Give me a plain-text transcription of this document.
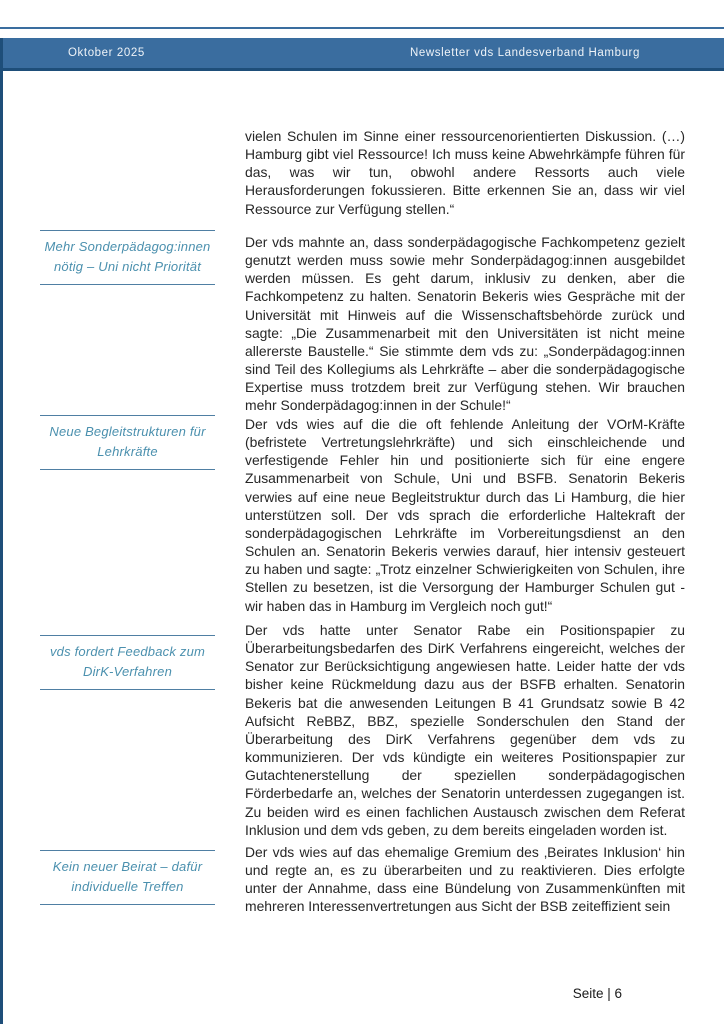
Oktober 2025	Newsletter vds Landesverband Hamburg
Mehr Sonderpädagog:innen
nötig – Uni nicht Priorität
Neue Begleitstrukturen für
Lehrkräfte
vds fordert Feedback zum
DirK-Verfahren
Kein neuer Beirat – dafür
individuelle Treffen

vielen Schulen im Sinne einer ressourcenorientierten Diskussion. (…) Hamburg gibt viel Ressource! Ich muss keine Abwehrkämpfe führen für das, was wir tun, obwohl andere Ressorts auch viele Herausforderungen fokussieren. Bitte erkennen Sie an, dass wir viel Ressource zur Verfügung stellen.“

Der vds mahnte an, dass sonderpädagogische Fachkompetenz gezielt genutzt werden muss sowie mehr Sonderpädagog:innen ausgebildet werden müssen. Es geht darum, inklusiv zu denken, aber die Fachkompetenz zu halten. Senatorin Bekeris wies Gespräche mit der Universität mit Hinweis auf die Wissenschaftsbehörde zurück und sagte: „Die Zusammenarbeit mit den Universitäten ist nicht meine allererste Baustelle.“ Sie stimmte dem vds zu: „Sonderpädagog:innen sind Teil des Kollegiums als Lehrkräfte – aber die sonderpädagogische Expertise muss trotzdem breit zur Verfügung stehen. Wir brauchen mehr Sonderpädagog:innen in der Schule!“

Der vds wies auf die die oft fehlende Anleitung der VOrM-Kräfte (befristete Vertretungslehrkräfte) und sich einschleichende und verfestigende Fehler hin und positionierte sich für eine engere Zusammenarbeit von Schule, Uni und BSFB. Senatorin Bekeris verwies auf eine neue Begleitstruktur durch das Li Hamburg, die hier unterstützen soll. Der vds sprach die erforderliche Haltekraft der sonderpädagogischen Lehrkräfte im Vorbereitungsdienst an den Schulen an. Senatorin Bekeris verwies darauf, hier intensiv gesteuert zu haben und sagte: „Trotz einzelner Schwierigkeiten von Schulen, ihre Stellen zu besetzen, ist die Versorgung der Hamburger Schulen gut - wir haben das in Hamburg im Vergleich noch gut!“

Der vds hatte unter Senator Rabe ein Positionspapier zu Überarbeitungsbedarfen des DirK Verfahrens eingereicht, welches der Senator zur Berücksichtigung angewiesen hatte. Leider hatte der vds bisher keine Rückmeldung dazu aus der BSFB erhalten. Senatorin Bekeris bat die anwesenden Leitungen B 41 Grundsatz sowie B 42 Aufsicht ReBBZ, BBZ, spezielle Sonderschulen den Stand der Überarbeitung des DirK Verfahrens gegenüber dem vds zu kommunizieren. Der vds kündigte ein weiteres Positionspapier zur Gutachtenerstellung der speziellen sonderpädagogischen Förderbedarfe an, welches der Senatorin unterdessen zugegangen ist. Zu beiden wird es einen fachlichen Austausch zwischen dem Referat Inklusion und dem vds geben, zu dem bereits eingeladen worden ist.

Der vds wies auf das ehemalige Gremium des ‚Beirates Inklusion‘ hin und regte an, es zu überarbeiten und zu reaktivieren. Dies erfolgte unter der Annahme, dass eine Bündelung von Zusammenkünften mit mehreren Interessenvertretungen aus Sicht der BSB zeiteffizient sein

Seite | 6
